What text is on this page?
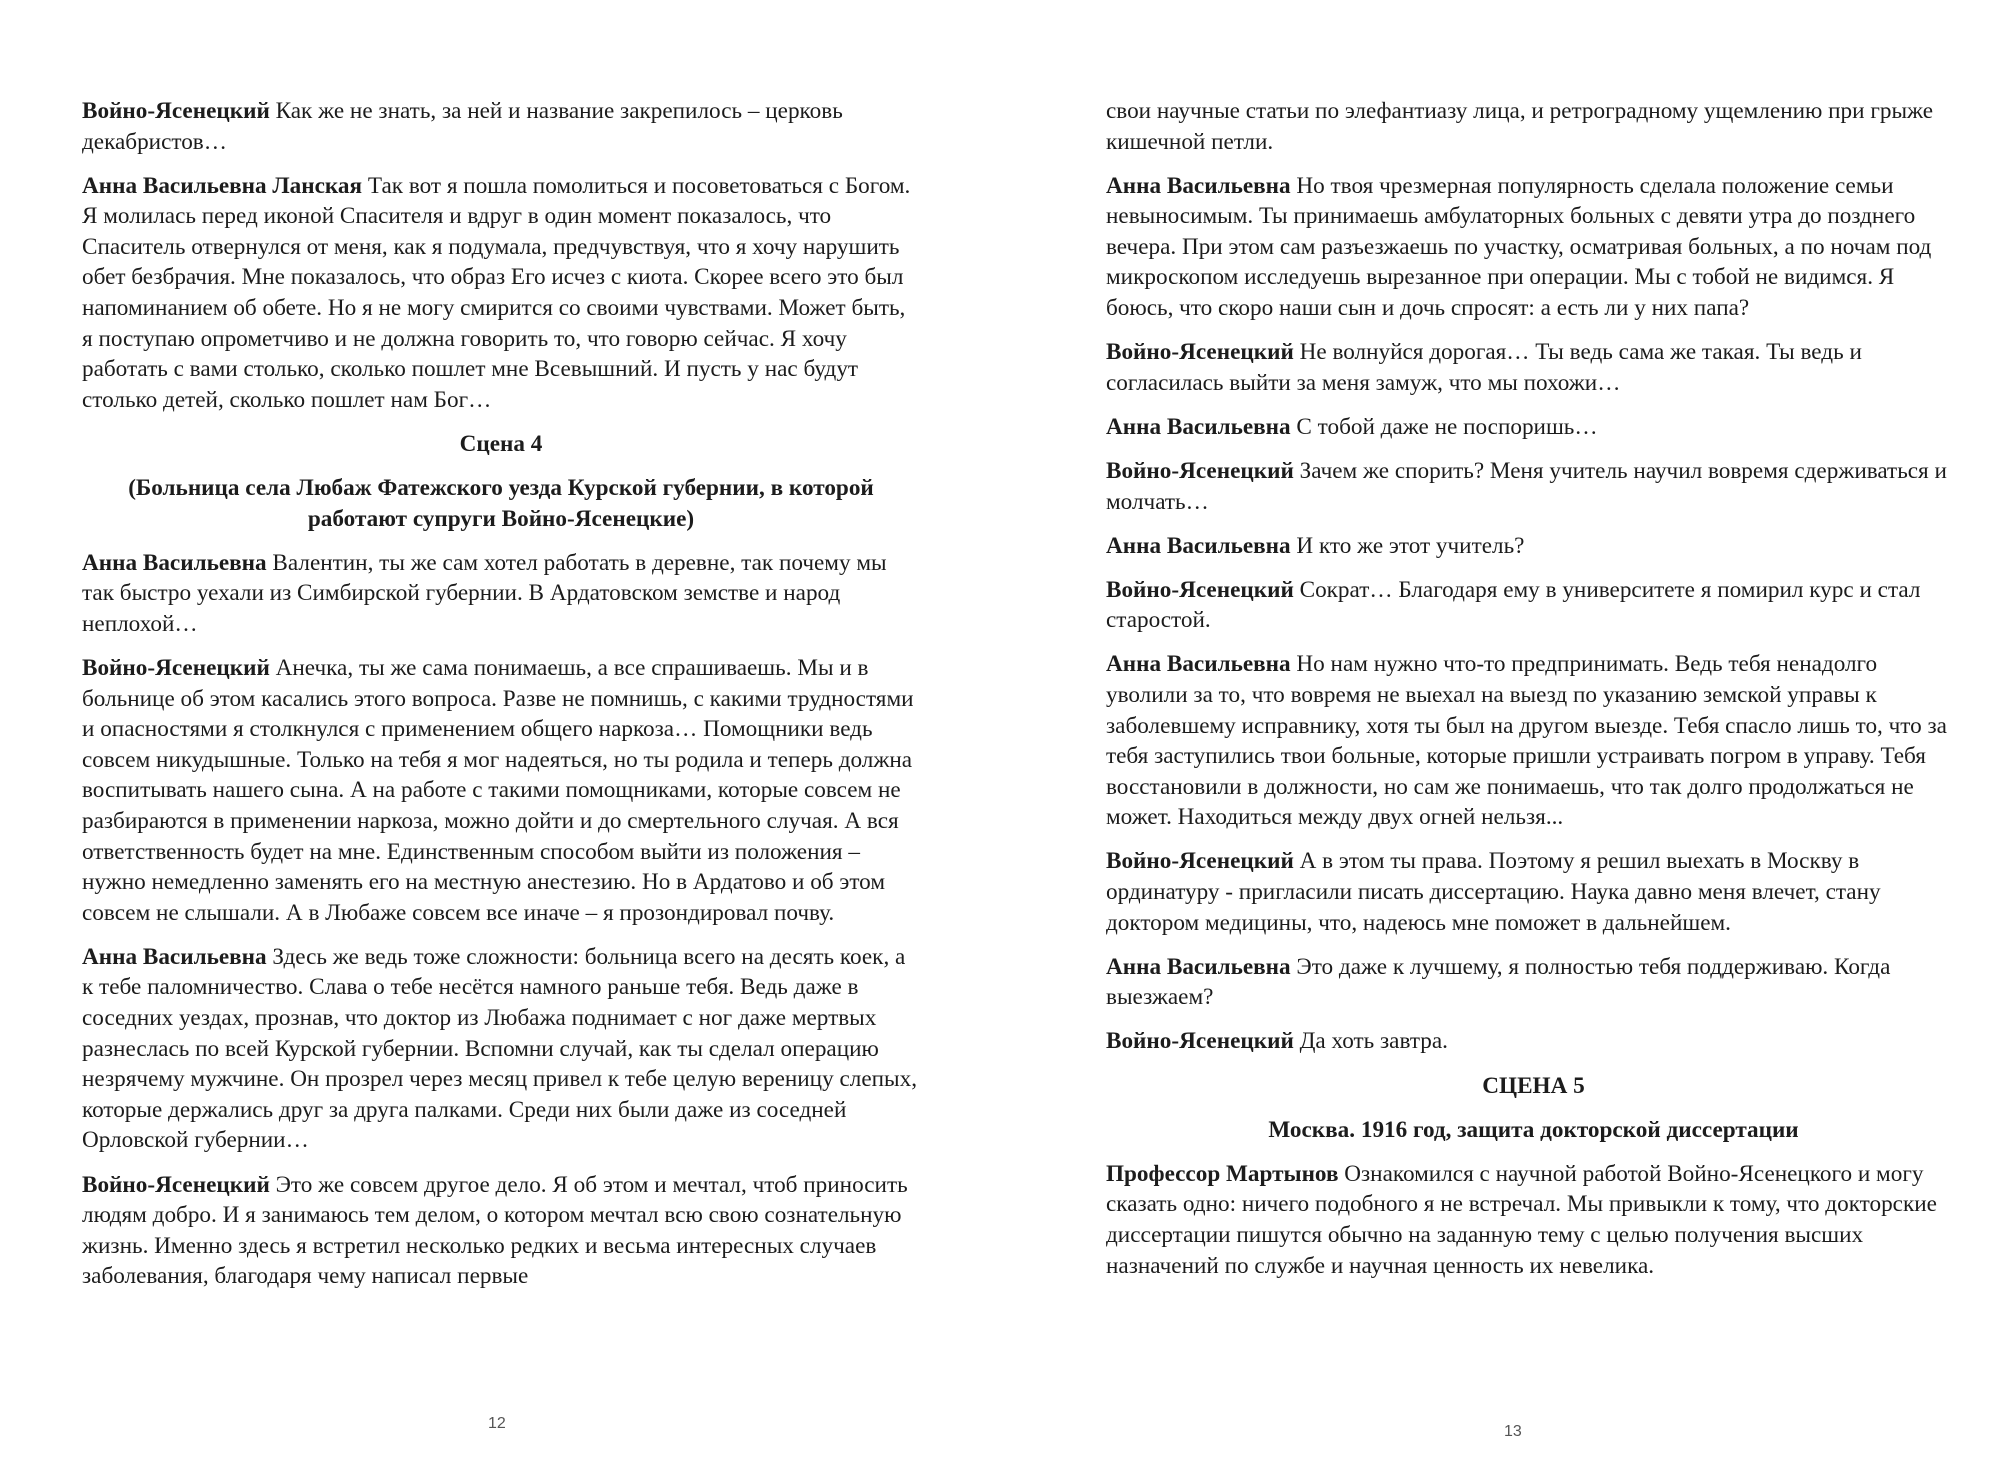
Войно-Ясенецкий Как же не знать, за ней и название закрепилось – церковь декабристов…

Анна Васильевна Ланская Так вот я пошла помолиться и посоветоваться с Богом. Я молилась перед иконой Спасителя и вдруг в один момент показалось, что Спаситель отвернулся от меня, как я подумала, предчувствуя, что я хочу нарушить обет безбрачия. Мне показалось, что образ Его исчез с киота. Скорее всего это был напоминанием об обете. Но я не могу смирится со своими чувствами. Может быть, я поступаю опрометчиво и не должна говорить то, что говорю сейчас. Я хочу работать с вами столько, сколько пошлет мне Всевышний. И пусть у нас будут столько детей, сколько пошлет нам Бог…

Сцена 4

(Больница села Любаж Фатежского уезда Курской губернии, в которой работают супруги Войно-Ясенецкие)

Анна Васильевна Валентин, ты же сам хотел работать в деревне, так почему мы так быстро уехали из Симбирской губернии. В Ардатовском земстве и народ неплохой…

Войно-Ясенецкий Анечка, ты же сама понимаешь, а все спрашиваешь. Мы и в больнице об этом касались этого вопроса. Разве не помнишь, с какими трудностями и опасностями я столкнулся с применением общего наркоза… Помощники ведь совсем никудышные. Только на тебя я мог надеяться, но ты родила и теперь должна воспитывать нашего сына. А на работе с такими помощниками, которые совсем не разбираются в применении наркоза, можно дойти и до смертельного случая. А вся ответственность будет на мне. Единственным способом выйти из положения – нужно немедленно заменять его на местную анестезию. Но в Ардатово и об этом совсем не слышали. А в Любаже совсем все иначе – я прозондировал почву.

Анна Васильевна Здесь же ведь тоже сложности: больница всего на десять коек, а к тебе паломничество. Слава о тебе несётся намного раньше тебя. Ведь даже в соседних уездах, прознав, что доктор из Любажа поднимает с ног даже мертвых разнеслась по всей Курской губернии. Вспомни случай, как ты сделал операцию незрячему мужчине. Он прозрел через месяц привел к тебе целую вереницу слепых, которые держались друг за друга палками. Среди них были даже из соседней Орловской губернии…

Войно-Ясенецкий Это же совсем другое дело. Я об этом и мечтал, чтоб приносить людям добро. И я занимаюсь тем делом, о котором мечтал всю свою сознательную жизнь. Именно здесь я встретил несколько редких и весьма интересных случаев заболевания, благодаря чему написал первые

12

свои научные статьи по элефантиазу лица, и ретроградному ущемлению при грыже кишечной петли.

Анна Васильевна Но твоя чрезмерная популярность сделала положение семьи невыносимым. Ты принимаешь амбулаторных больных с девяти утра до позднего вечера. При этом сам разъезжаешь по участку, осматривая больных, а по ночам под микроскопом исследуешь вырезанное при операции. Мы с тобой не видимся. Я боюсь, что скоро наши сын и дочь спросят: а есть ли у них папа?

Войно-Ясенецкий Не волнуйся дорогая… Ты ведь сама же такая. Ты ведь и согласилась выйти за меня замуж, что мы похожи…

Анна Васильевна С тобой даже не поспоришь…

Войно-Ясенецкий Зачем же спорить? Меня учитель научил вовремя сдерживаться и молчать…

Анна Васильевна И кто же этот учитель?

Войно-Ясенецкий Сократ… Благодаря ему в университете я помирил курс и стал старостой.

Анна Васильевна Но нам нужно что-то предпринимать. Ведь тебя ненадолго уволили за то, что вовремя не выехал на выезд по указанию земской управы к заболевшему исправнику, хотя ты был на другом выезде. Тебя спасло лишь то, что за тебя заступились твои больные, которые пришли устраивать погром в управу. Тебя восстановили в должности, но сам же понимаешь, что так долго продолжаться не может. Находиться между двух огней нельзя...

Войно-Ясенецкий А в этом ты права. Поэтому я решил выехать в Москву в ординатуру - пригласили писать диссертацию. Наука давно меня влечет, стану доктором медицины, что, надеюсь мне поможет в дальнейшем.

Анна Васильевна Это даже к лучшему, я полностью тебя поддерживаю. Когда выезжаем?

Войно-Ясенецкий Да хоть завтра.

СЦЕНА 5

Москва. 1916 год, защита докторской диссертации

Профессор Мартынов Ознакомился с научной работой Войно-Ясенецкого и могу сказать одно: ничего подобного я не встречал. Мы привыкли к тому, что докторские диссертации пишутся обычно на заданную тему с целью получения высших назначений по службе и научная ценность их невелика.

13
